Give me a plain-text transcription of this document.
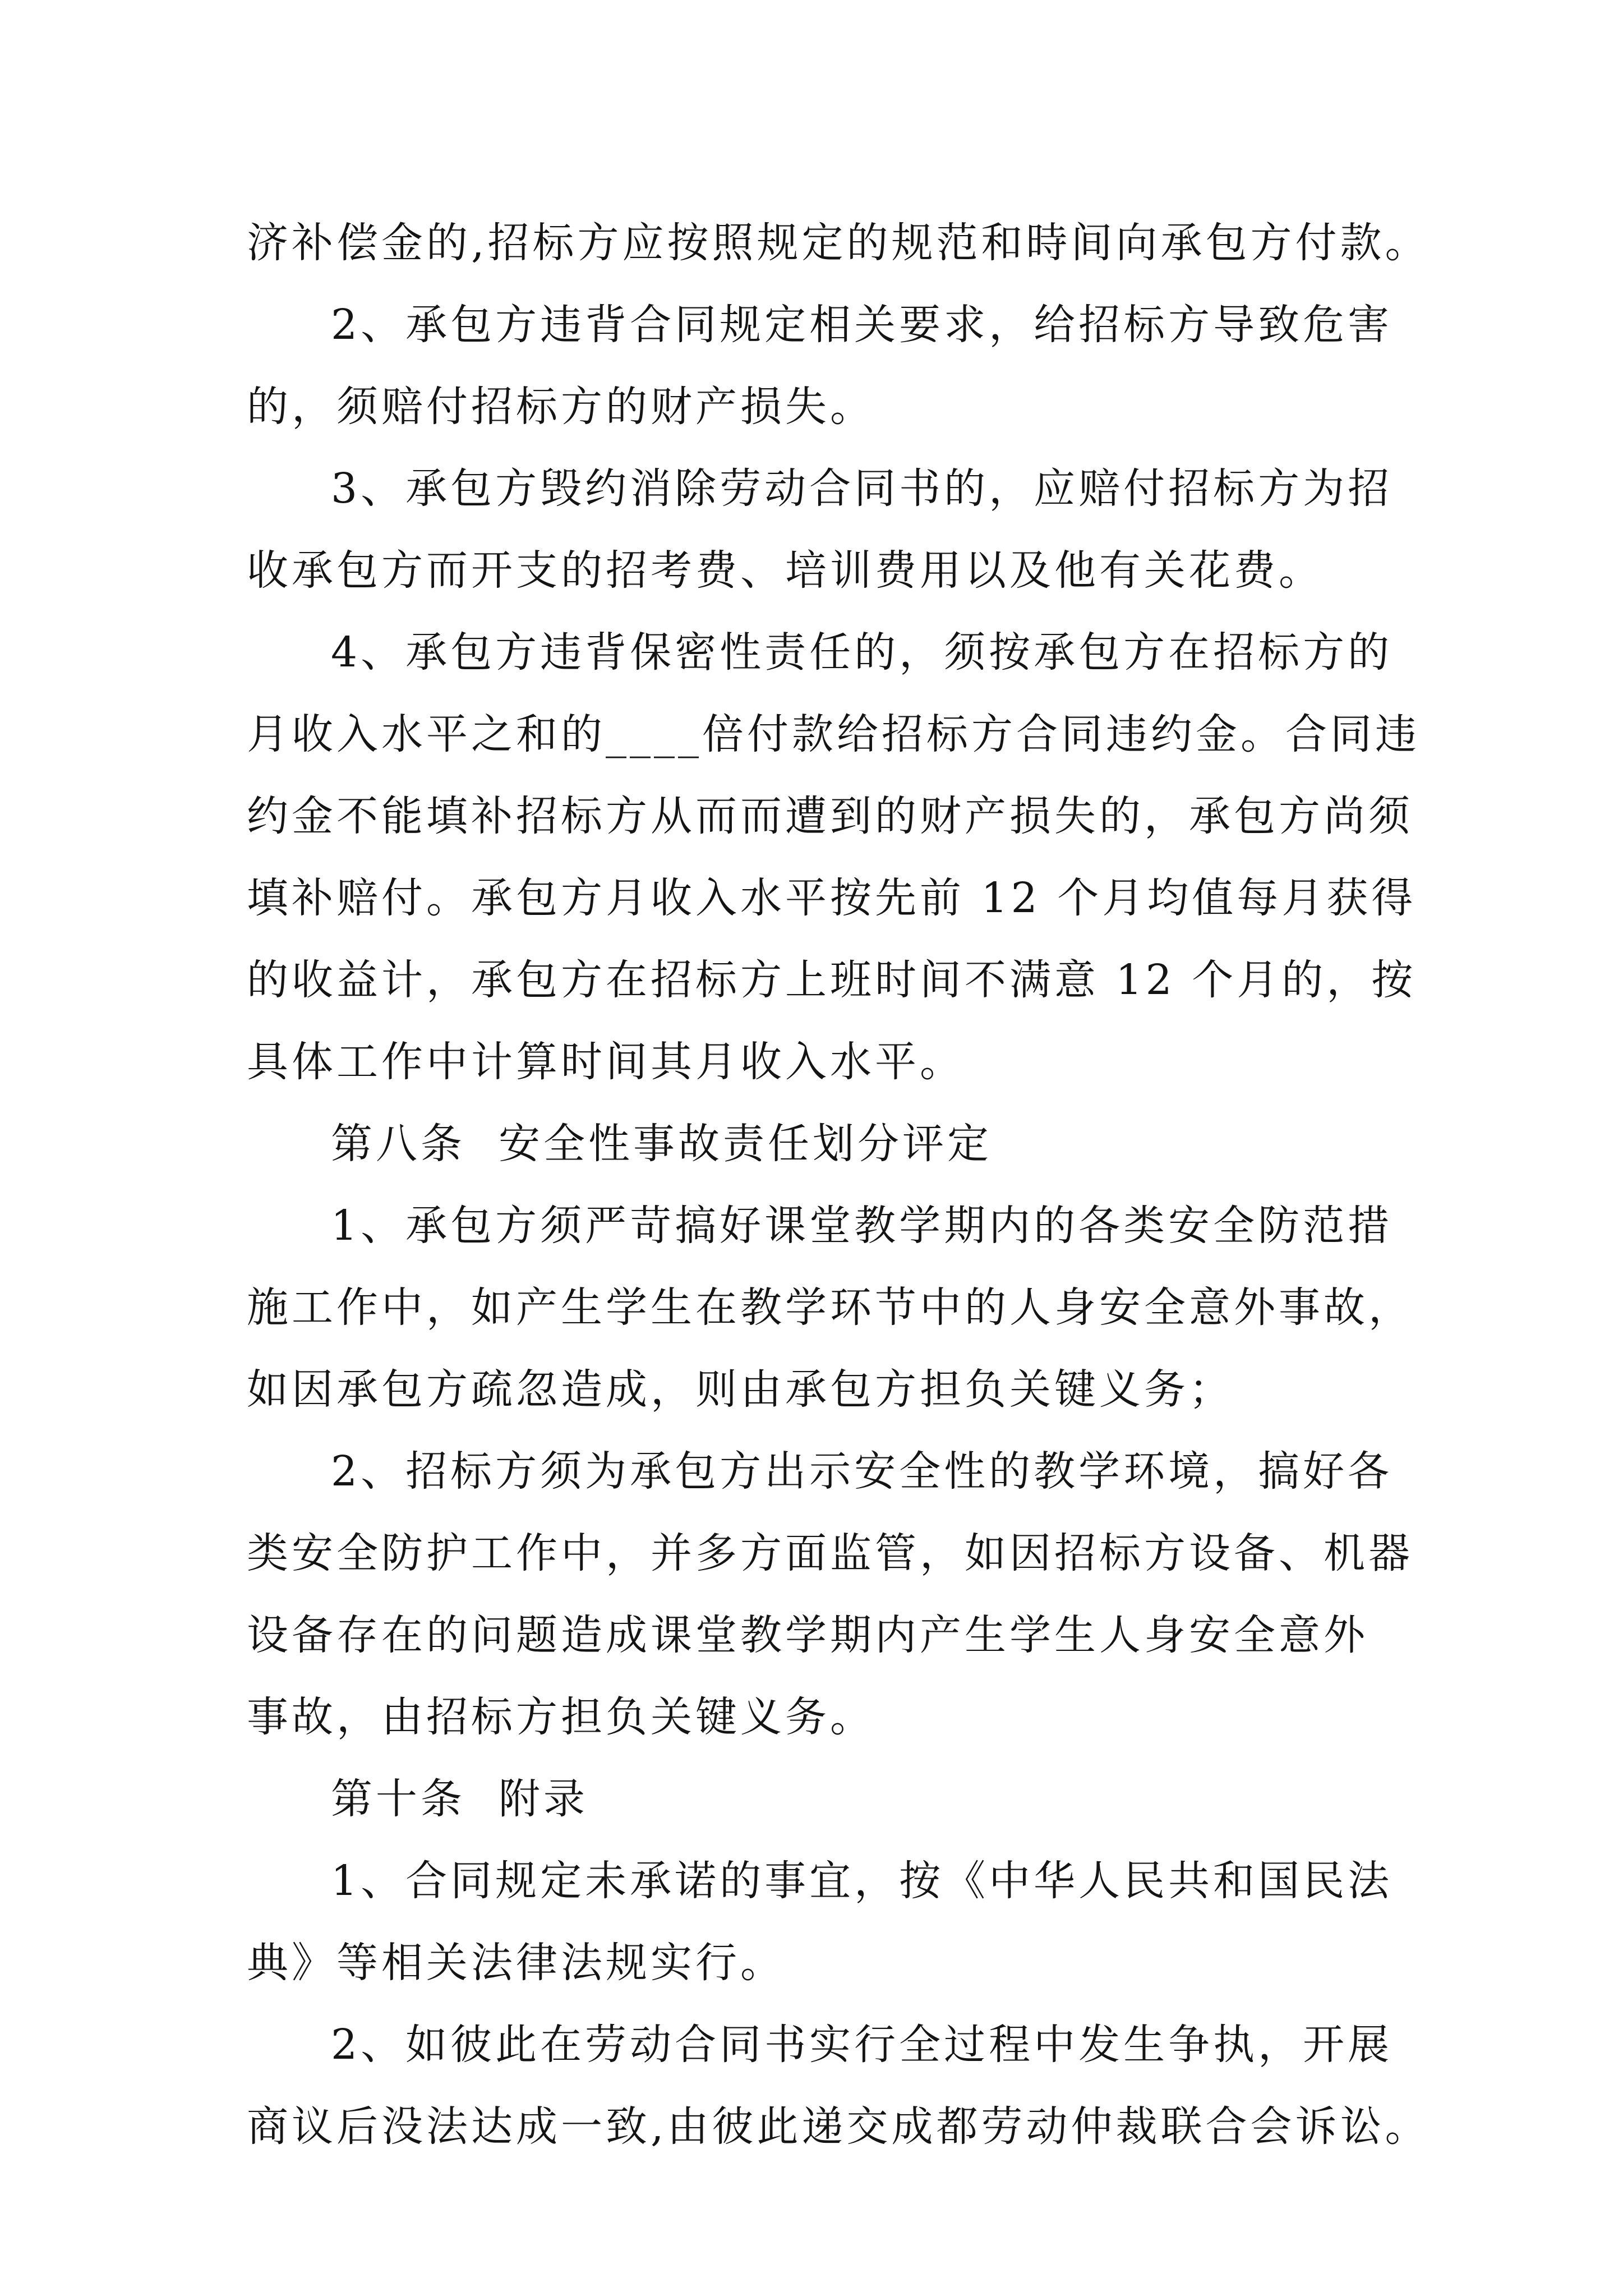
济补偿金的,招标方应按照规定的规范和時间向承包方付款。
2、承包方违背合同规定相关要求，给招标方导致危害
的，须赔付招标方的财产损失。
3、承包方毁约消除劳动合同书的，应赔付招标方为招
收承包方而开支的招考费、培训费用以及他有关花费。
4、承包方违背保密性责任的，须按承包方在招标方的
月收入水平之和的____倍付款给招标方合同违约金。合同违
约金不能填补招标方从而而遭到的财产损失的，承包方尚须
填补赔付。承包方月收入水平按先前 12 个月均值每月获得
的收益计，承包方在招标方上班时间不满意 12 个月的，按
具体工作中计算时间其月收入水平。
第八条  安全性事故责任划分评定
1、承包方须严苛搞好课堂教学期内的各类安全防范措
施工作中，如产生学生在教学环节中的人身安全意外事故，
如因承包方疏忽造成，则由承包方担负关键义务；
2、招标方须为承包方出示安全性的教学环境，搞好各
类安全防护工作中，并多方面监管，如因招标方设备、机器
设备存在的问题造成课堂教学期内产生学生人身安全意外
事故，由招标方担负关键义务。
第十条  附录
1、合同规定未承诺的事宜，按《中华人民共和国民法
典》等相关法律法规实行。
2、如彼此在劳动合同书实行全过程中发生争执，开展
商议后没法达成一致,由彼此递交成都劳动仲裁联合会诉讼。
